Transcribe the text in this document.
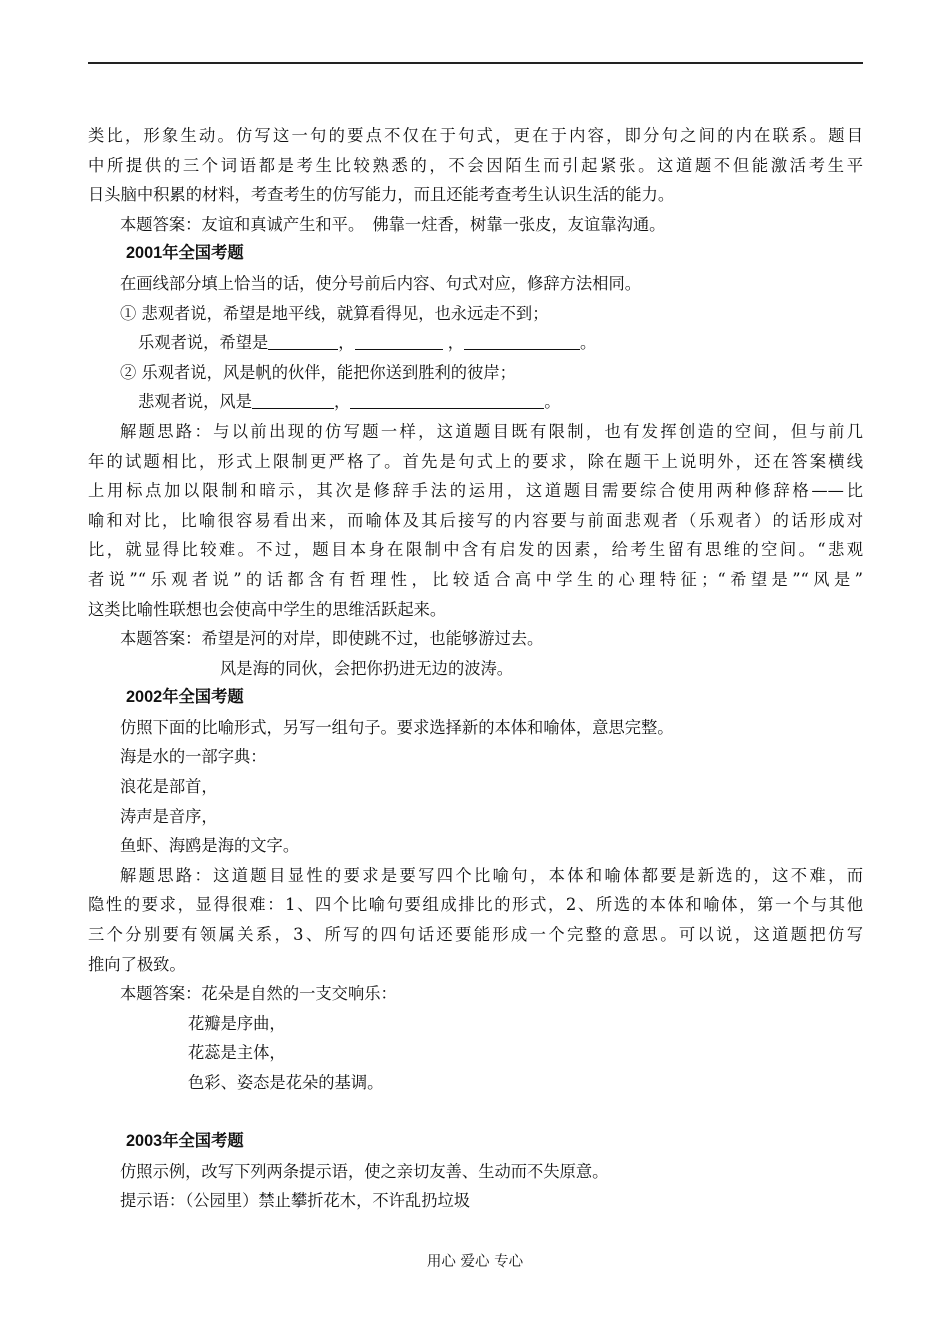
类比，形象生动。仿写这一句的要点不仅在于句式，更在于内容，即分句之间的内在联系。题目

中所提供的三个词语都是考生比较熟悉的，不会因陌生而引起紧张。这道题不但能激活考生平

日头脑中积累的材料，考查考生的仿写能力，而且还能考查考生认识生活的能力。

本题答案：友谊和真诚产生和平。　佛靠一炷香，树靠一张皮，友谊靠沟通。

2001年全国考题

在画线部分填上恰当的话，使分号前后内容、句式对应，修辞方法相同。

① 悲观者说，希望是地平线，就算看得见，也永远走不到；

乐观者说，希望是	，	，	。

② 乐观者说，风是帆的伙伴，能把你送到胜利的彼岸；

悲观者说，风是	，	。

解题思路：与以前出现的仿写题一样，这道题目既有限制，也有发挥创造的空间，但与前几

年的试题相比，形式上限制更严格了。首先是句式上的要求，除在题干上说明外，还在答案横线

上用标点加以限制和暗示，其次是修辞手法的运用，这道题目需要综合使用两种修辞格——比

喻和对比，比喻很容易看出来，而喻体及其后接写的内容要与前面悲观者（乐观者）的话形成对

比，就显得比较难。不过，题目本身在限制中含有启发的因素，给考生留有思维的空间。“悲观

者说”“乐观者说”的话都含有哲理性，比较适合高中学生的心理特征；“希望是”“风是”

这类比喻性联想也会使高中学生的思维活跃起来。

本题答案：希望是河的对岸，即使跳不过，也能够游过去。

风是海的同伙，会把你扔进无边的波涛。

2002年全国考题

仿照下面的比喻形式，另写一组句子。要求选择新的本体和喻体，意思完整。

海是水的一部字典：

浪花是部首，

涛声是音序，

鱼虾、海鸥是海的文字。

解题思路：这道题目显性的要求是要写四个比喻句，本体和喻体都要是新选的，这不难，而

隐性的要求，显得很难：1、四个比喻句要组成排比的形式，2、所选的本体和喻体，第一个与其他

三个分别要有领属关系，3、所写的四句话还要能形成一个完整的意思。可以说，这道题把仿写

推向了极致。

本题答案：花朵是自然的一支交响乐：

花瓣是序曲，

花蕊是主体，

色彩、姿态是花朵的基调。

2003年全国考题

仿照示例，改写下列两条提示语，使之亲切友善、生动而不失原意。

提示语：（公园里）禁止攀折花木，不许乱扔垃圾

用心 爱心 专心
